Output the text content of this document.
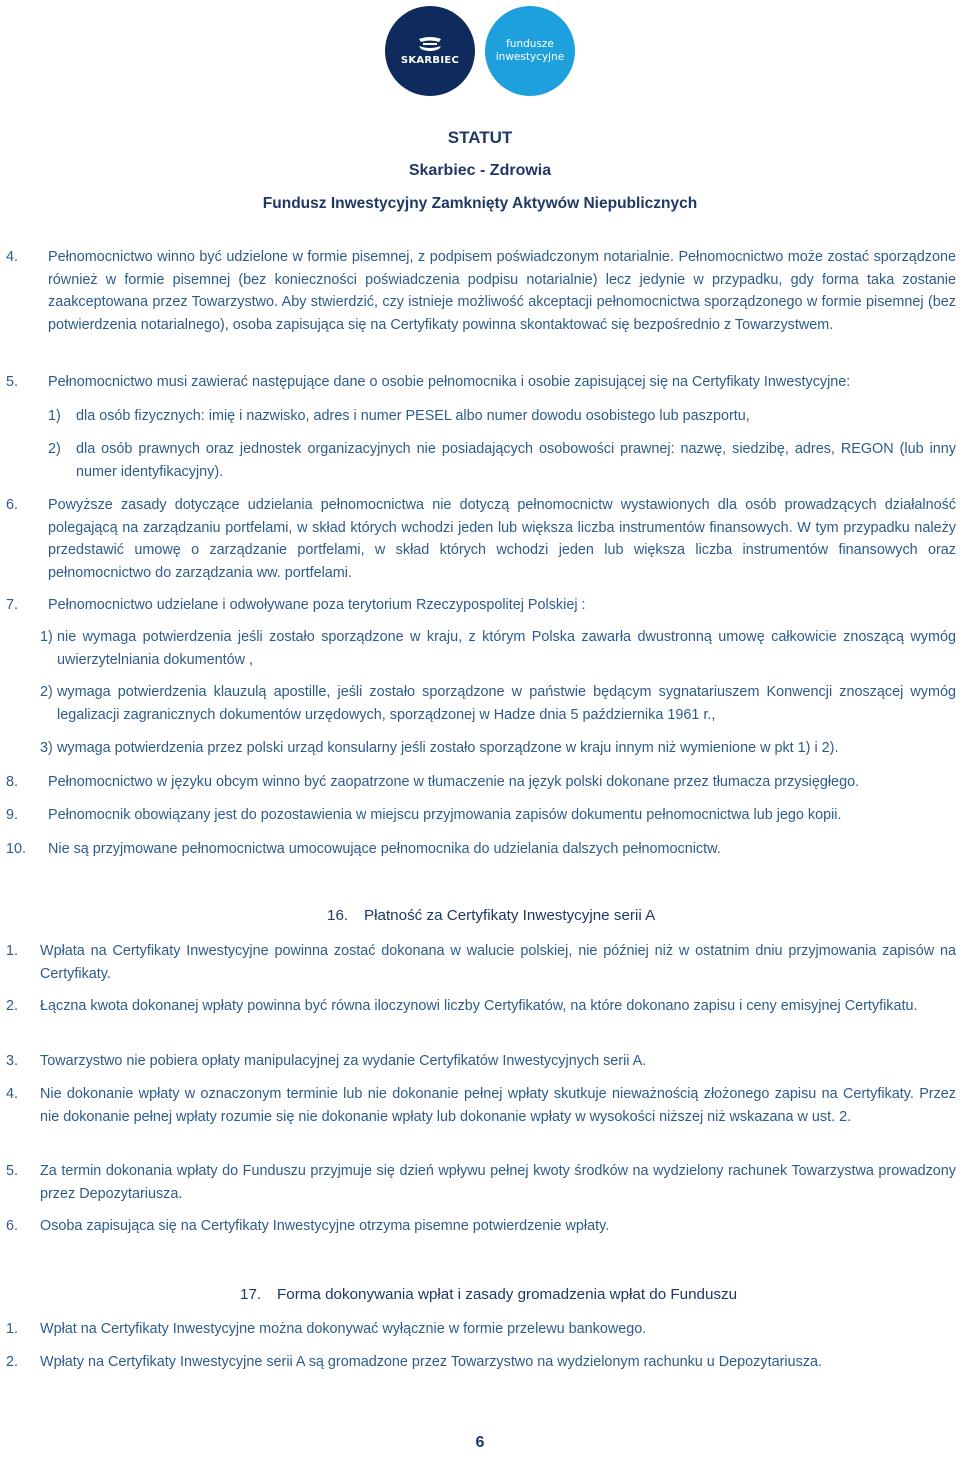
SKARBIEC
fundusze
inwestycyjne
STATUT
Skarbiec - Zdrowia
Fundusz Inwestycyjny Zamknięty Aktywów Niepublicznych
4. Pełnomocnictwo winno być udzielone w formie pisemnej, z podpisem poświadczonym notarialnie. Pełnomocnictwo może zostać sporządzone również w formie pisemnej (bez konieczności poświadczenia podpisu notarialnie) lecz jedynie w przypadku, gdy forma taka zostanie zaakceptowana przez Towarzystwo. Aby stwierdzić, czy istnieje możliwość akceptacji pełnomocnictwa sporządzonego w formie pisemnej (bez potwierdzenia notarialnego), osoba zapisująca się na Certyfikaty powinna skontaktować się bezpośrednio z Towarzystwem.

5. Pełnomocnictwo musi zawierać następujące dane o osobie pełnomocnika i osobie zapisującej się na Certyfikaty Inwestycyjne:

1) dla osób fizycznych: imię i nazwisko, adres i numer PESEL albo numer dowodu osobistego lub paszportu,

2) dla osób prawnych oraz jednostek organizacyjnych nie posiadających osobowości prawnej: nazwę, siedzibę, adres, REGON (lub inny numer identyfikacyjny).

6. Powyższe zasady dotyczące udzielania pełnomocnictwa nie dotyczą pełnomocnictw wystawionych dla osób prowadzących działalność polegającą na zarządzaniu portfelami, w skład których wchodzi jeden lub większa liczba instrumentów finansowych. W tym przypadku należy przedstawić umowę o zarządzanie portfelami, w skład których wchodzi jeden lub większa liczba instrumentów finansowych oraz pełnomocnictwo do zarządzania ww. portfelami.

7. Pełnomocnictwo udzielane i odwoływane poza terytorium Rzeczypospolitej Polskiej :

1) nie wymaga potwierdzenia jeśli zostało sporządzone w kraju, z którym Polska zawarła dwustronną umowę całkowicie znoszącą wymóg uwierzytelniania dokumentów ,

2) wymaga potwierdzenia klauzulą apostille, jeśli zostało sporządzone w państwie będącym sygnatariuszem Konwencji znoszącej wymóg legalizacji zagranicznych dokumentów urzędowych, sporządzonej w Hadze dnia 5 października 1961 r.,

3) wymaga potwierdzenia przez polski urząd konsularny jeśli zostało sporządzone w kraju innym niż wymienione w pkt 1) i 2).

8. Pełnomocnictwo w języku obcym winno być zaopatrzone w tłumaczenie na język polski dokonane przez tłumacza przysięgłego.

9. Pełnomocnik obowiązany jest do pozostawienia w miejscu przyjmowania zapisów dokumentu pełnomocnictwa lub jego kopii.

10. Nie są przyjmowane pełnomocnictwa umocowujące pełnomocnika do udzielania dalszych pełnomocnictw.

16. Płatność za Certyfikaty Inwestycyjne serii A
1. Wpłata na Certyfikaty Inwestycyjne powinna zostać dokonana w walucie polskiej, nie później niż w ostatnim dniu przyjmowania zapisów na Certyfikaty.

2. Łączna kwota dokonanej wpłaty powinna być równa iloczynowi liczby Certyfikatów, na które dokonano zapisu i ceny emisyjnej Certyfikatu.

3. Towarzystwo nie pobiera opłaty manipulacyjnej za wydanie Certyfikatów Inwestycyjnych serii A.

4. Nie dokonanie wpłaty w oznaczonym terminie lub nie dokonanie pełnej wpłaty skutkuje nieważnością złożonego zapisu na Certyfikaty. Przez nie dokonanie pełnej wpłaty rozumie się nie dokonanie wpłaty lub dokonanie wpłaty w wysokości niższej niż wskazana w ust. 2.

5. Za termin dokonania wpłaty do Funduszu przyjmuje się dzień wpływu pełnej kwoty środków na wydzielony rachunek Towarzystwa prowadzony przez Depozytariusza.

6. Osoba zapisująca się na Certyfikaty Inwestycyjne otrzyma pisemne potwierdzenie wpłaty.

17. Forma dokonywania wpłat i zasady gromadzenia wpłat do Funduszu
1. Wpłat na Certyfikaty Inwestycyjne można dokonywać wyłącznie w formie przelewu bankowego.

2. Wpłaty na Certyfikaty Inwestycyjne serii A są gromadzone przez Towarzystwo na wydzielonym rachunku u Depozytariusza.

6
